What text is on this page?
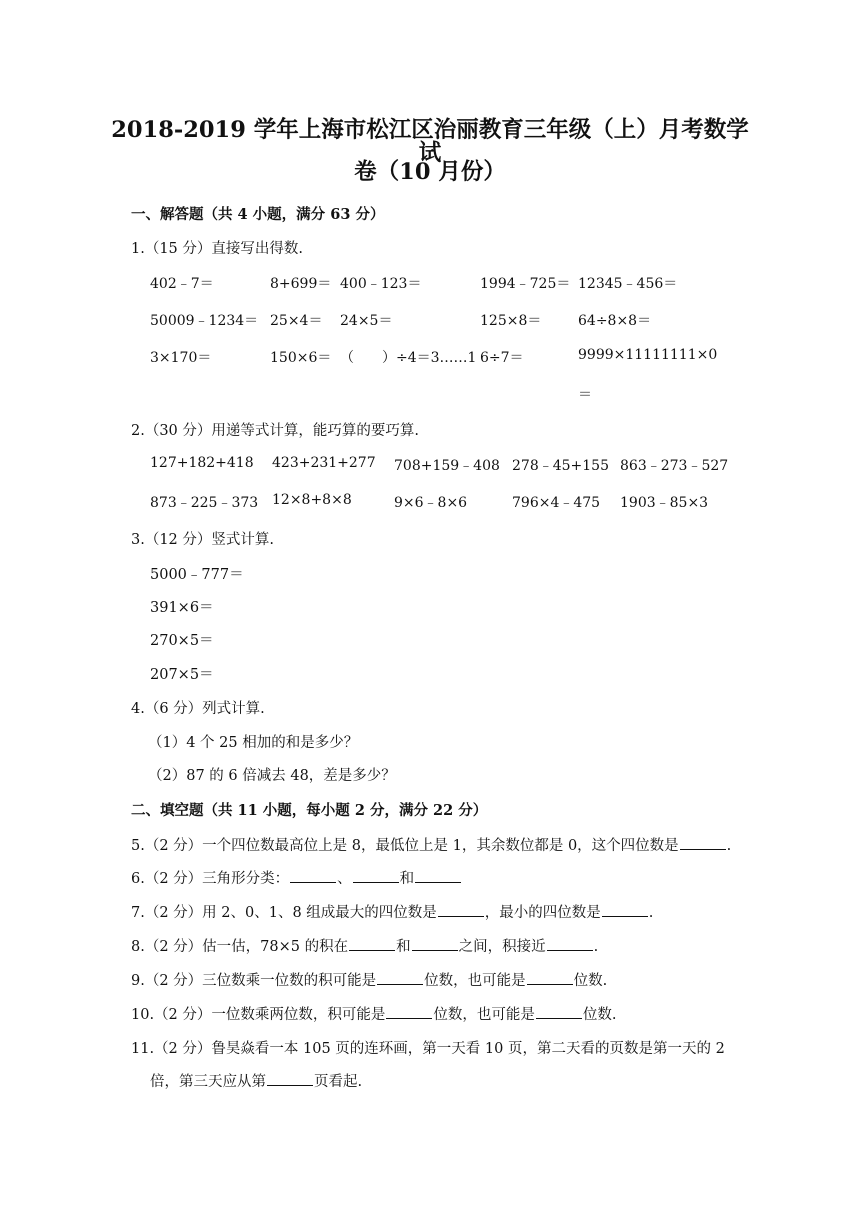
2018-2019 学年上海市松江区治丽教育三年级（上）月考数学试
卷（10 月份）
一、解答题（共 4 小题，满分 63 分）
1.（15 分）直接写出得数.
402﹣7＝	8+699＝ 400﹣123＝	1994﹣725＝ 12345﹣456＝
50009﹣1234＝ 25×4＝ 24×5＝	125×8＝	64÷8×8＝
3×170＝	150×6＝ （　　）÷4＝3……1 6÷7＝	9999×11111111×0
＝
2.（30 分）用递等式计算，能巧算的要巧算.
127+182+418 423+231+277 708+159﹣408 278﹣45+155 863﹣273﹣527
873﹣225﹣373 12×8+8×8	9×6﹣8×6	796×4﹣475 1903﹣85×3
3.（12 分）竖式计算.
5000﹣777＝
391×6＝
270×5＝
207×5＝
4.（6 分）列式计算.
（1）4 个 25 相加的和是多少？
（2）87 的 6 倍减去 48，差是多少？
二、填空题（共 11 小题，每小题 2 分，满分 22 分）
5.（2 分）一个四位数最高位上是 8，最低位上是 1，其余数位都是 0，这个四位数是	.
6.（2 分）三角形分类：	、	和
7.（2 分）用 2、0、1、8 组成最大的四位数是	，最小的四位数是	.
8.（2 分）估一估，78×5 的积在	和	之间，积接近	.
9.（2 分）三位数乘一位数的积可能是	位数，也可能是	位数.
10.（2 分）一位数乘两位数，积可能是	位数，也可能是	位数.
11.（2 分）鲁昊焱看一本 105 页的连环画，第一天看 10 页，第二天看的页数是第一天的 2
倍，第三天应从第	页看起.
